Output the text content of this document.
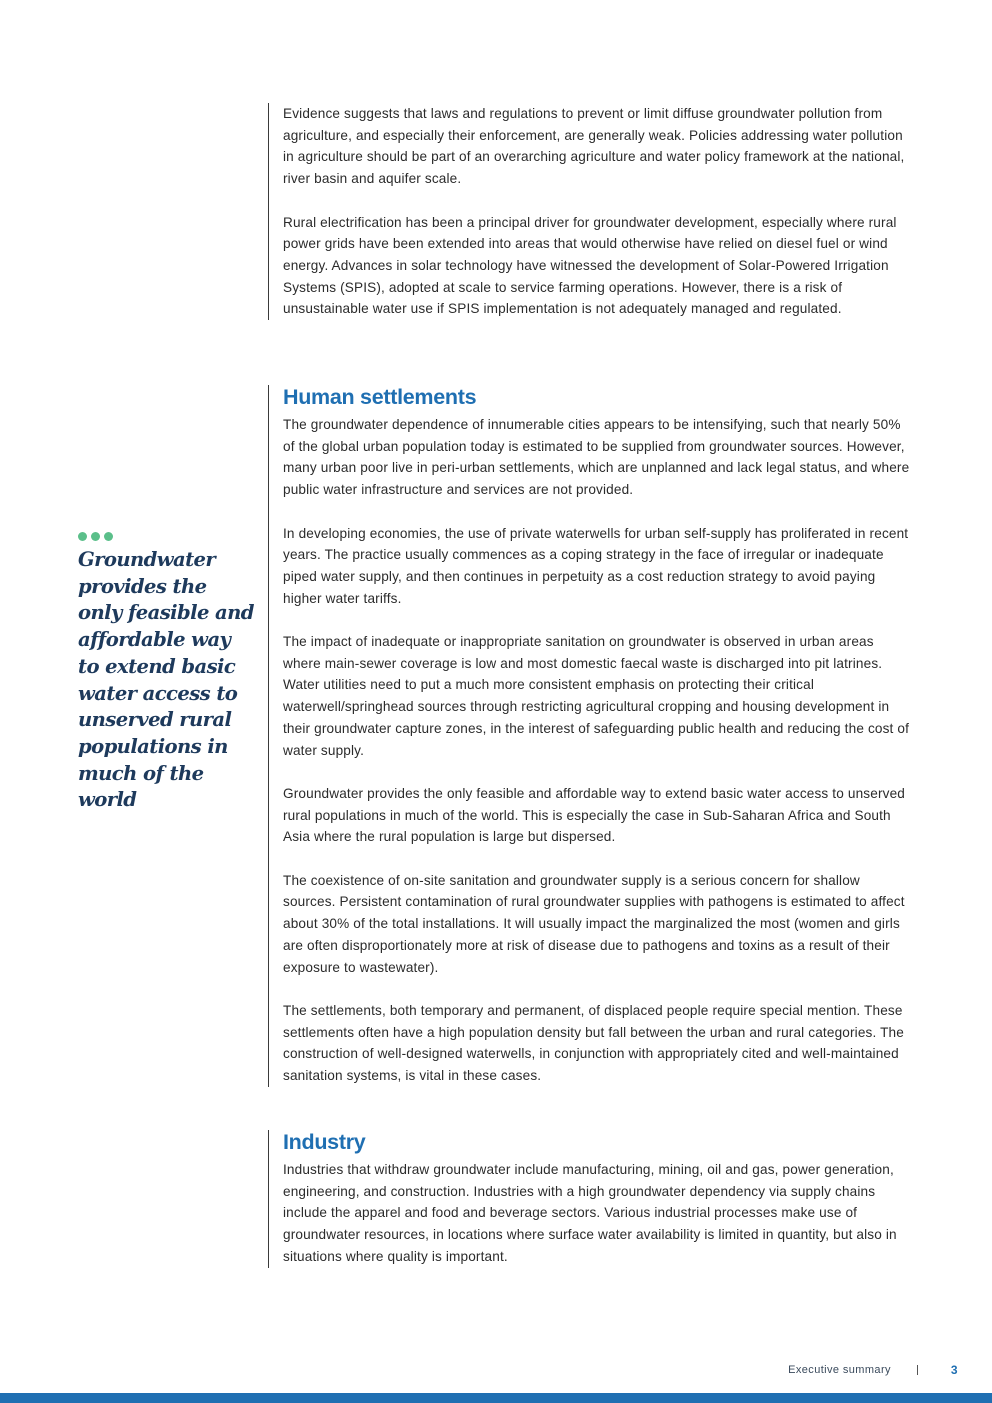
Evidence suggests that laws and regulations to prevent or limit diffuse groundwater pollution from agriculture, and especially their enforcement, are generally weak. Policies addressing water pollution in agriculture should be part of an overarching agriculture and water policy framework at the national, river basin and aquifer scale.

Rural electrification has been a principal driver for groundwater development, especially where rural power grids have been extended into areas that would otherwise have relied on diesel fuel or wind energy. Advances in solar technology have witnessed the development of Solar-Powered Irrigation Systems (SPIS), adopted at scale to service farming operations. However, there is a risk of unsustainable water use if SPIS implementation is not adequately managed and regulated.

Human settlements

The groundwater dependence of innumerable cities appears to be intensifying, such that nearly 50% of the global urban population today is estimated to be supplied from groundwater sources. However, many urban poor live in peri-urban settlements, which are unplanned and lack legal status, and where public water infrastructure and services are not provided.

In developing economies, the use of private waterwells for urban self-supply has proliferated in recent years. The practice usually commences as a coping strategy in the face of irregular or inadequate piped water supply, and then continues in perpetuity as a cost reduction strategy to avoid paying higher water tariffs.

The impact of inadequate or inappropriate sanitation on groundwater is observed in urban areas where main-sewer coverage is low and most domestic faecal waste is discharged into pit latrines. Water utilities need to put a much more consistent emphasis on protecting their critical waterwell/springhead sources through restricting agricultural cropping and housing development in their groundwater capture zones, in the interest of safeguarding public health and reducing the cost of water supply.

Groundwater provides the only feasible and affordable way to extend basic water access to unserved rural populations in much of the world. This is especially the case in Sub-Saharan Africa and South Asia where the rural population is large but dispersed.

The coexistence of on-site sanitation and groundwater supply is a serious concern for shallow sources. Persistent contamination of rural groundwater supplies with pathogens is estimated to affect about 30% of the total installations. It will usually impact the marginalized the most (women and girls are often disproportionately more at risk of disease due to pathogens and toxins as a result of their exposure to wastewater).

The settlements, both temporary and permanent, of displaced people require special mention. These settlements often have a high population density but fall between the urban and rural categories. The construction of well-designed waterwells, in conjunction with appropriately cited and well-maintained sanitation systems, is vital in these cases.

Industry

Industries that withdraw groundwater include manufacturing, mining, oil and gas, power generation, engineering, and construction. Industries with a high groundwater dependency via supply chains include the apparel and food and beverage sectors. Various industrial processes make use of groundwater resources, in locations where surface water availability is limited in quantity, but also in situations where quality is important.

Groundwater provides the only feasible and affordable way to extend basic water access to unserved rural populations in much of the world
Executive summary	3
